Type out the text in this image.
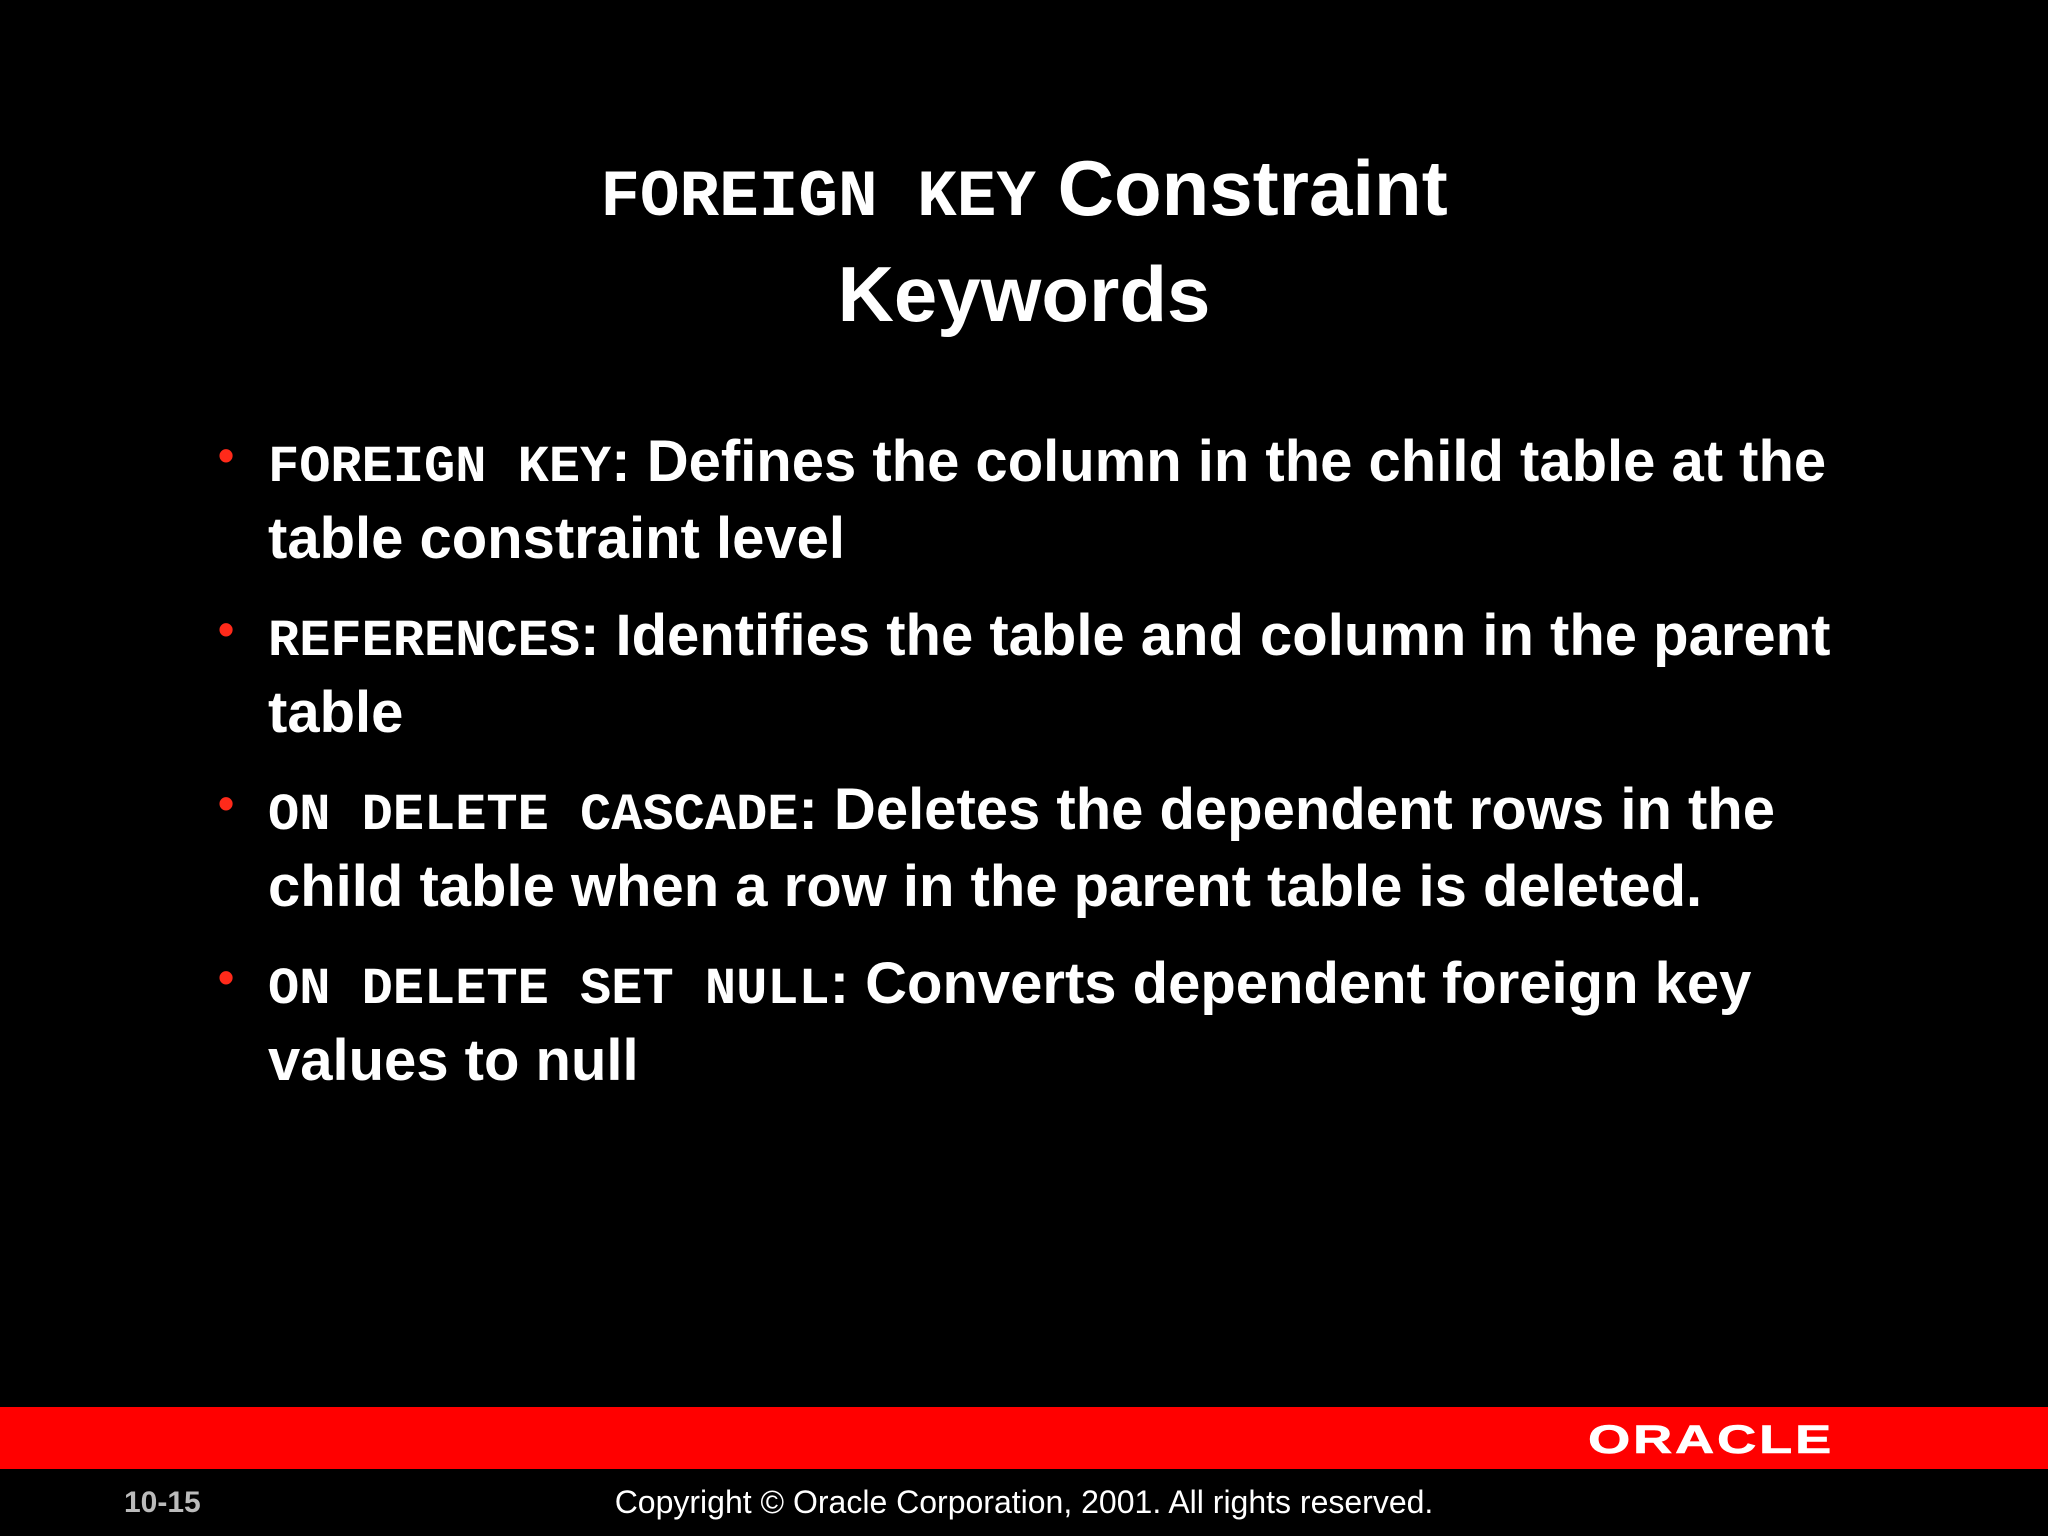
FOREIGN KEY Constraint
Keywords
• FOREIGN KEY: Defines the column in the child table at the table constraint level
• REFERENCES: Identifies the table and column in the parent table
• ON DELETE CASCADE: Deletes the dependent rows in the child table when a row in the parent table is deleted.
• ON DELETE SET NULL: Converts dependent foreign key values to null
ORACLE
10-15	Copyright © Oracle Corporation, 2001. All rights reserved.
